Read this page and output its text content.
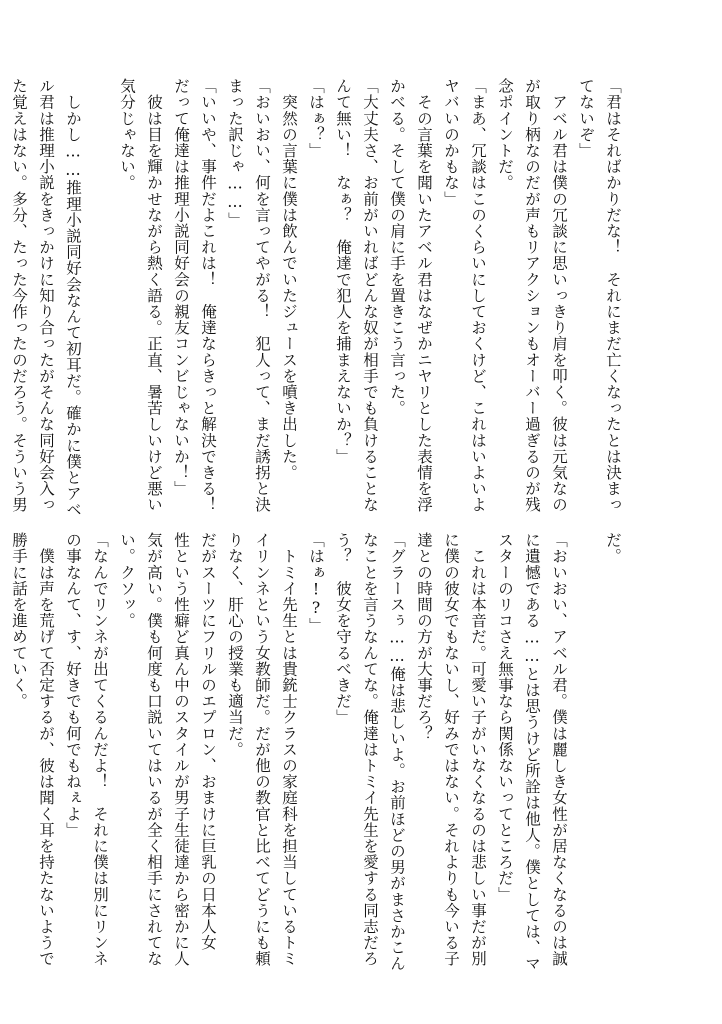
「君はそればかりだな！　それにまだ亡くなったとは決まっ
てないぞ」
　アベル君は僕の冗談に思いっきり肩を叩く。彼は元気なの
が取り柄なのだが声もリアクションもオーバー過ぎるのが残
念ポイントだ。
「まあ、冗談はこのくらいにしておくけど、これはいよいよ
ヤバいのかもな」
　その言葉を聞いたアベル君はなぜかニヤリとした表情を浮
かべる。そして僕の肩に手を置きこう言った。
「大丈夫さ、お前がいればどんな奴が相手でも負けることな
んて無い！　なぁ？　俺達で犯人を捕まえないか？」
「はぁ？」
　突然の言葉に僕は飲んでいたジュースを噴き出した。
「おいおい、何を言ってやがる！　犯人って、まだ誘拐と決
まった訳じゃ……」
「いいや、事件だよこれは！　俺達ならきっと解決できる！
だって俺達は推理小説同好会の親友コンビじゃないか！」
　彼は目を輝かせながら熱く語る。正直、暑苦しいけど悪い
気分じゃない。

　しかし……推理小説同好会なんて初耳だ。確かに僕とアベ
ル君は推理小説をきっかけに知り合ったがそんな同好会入っ
た覚えはない。多分、たった今作ったのだろう。そういう男
だ。

「おいおい、アベル君。僕は麗しき女性が居なくなるのは誠
に遺憾である……とは思うけど所詮は他人。僕としては、マ
スターのリコさえ無事なら関係ないってところだ」
　これは本音だ。可愛い子がいなくなるのは悲しい事だが別
に僕の彼女でもないし、好みではない。それよりも今いる子
達との時間の方が大事だろ？
「グラースぅ……俺は悲しいよ。お前ほどの男がまさかこん
なことを言うなんてな。俺達はトミイ先生を愛する同志だろ
う？　彼女を守るべきだ」
「はぁ!?」
　トミイ先生とは貴銃士クラスの家庭科を担当しているトミ
イリンネという女教師だ。だが他の教官と比べてどうにも頼
りなく、肝心の授業も適当だ。
だがスーツにフリルのエプロン、おまけに巨乳の日本人女
性という性癖ど真ん中のスタイルが男子生徒達から密かに人
気が高い。僕も何度も口説いてはいるが全く相手にされてな
い。クソッ。
「なんでリンネが出てくるんだよ！　それに僕は別にリンネ
の事なんて、す、好きでも何でもねぇよ」
　僕は声を荒げて否定するが、彼は聞く耳を持たないようで
勝手に話を進めていく。
